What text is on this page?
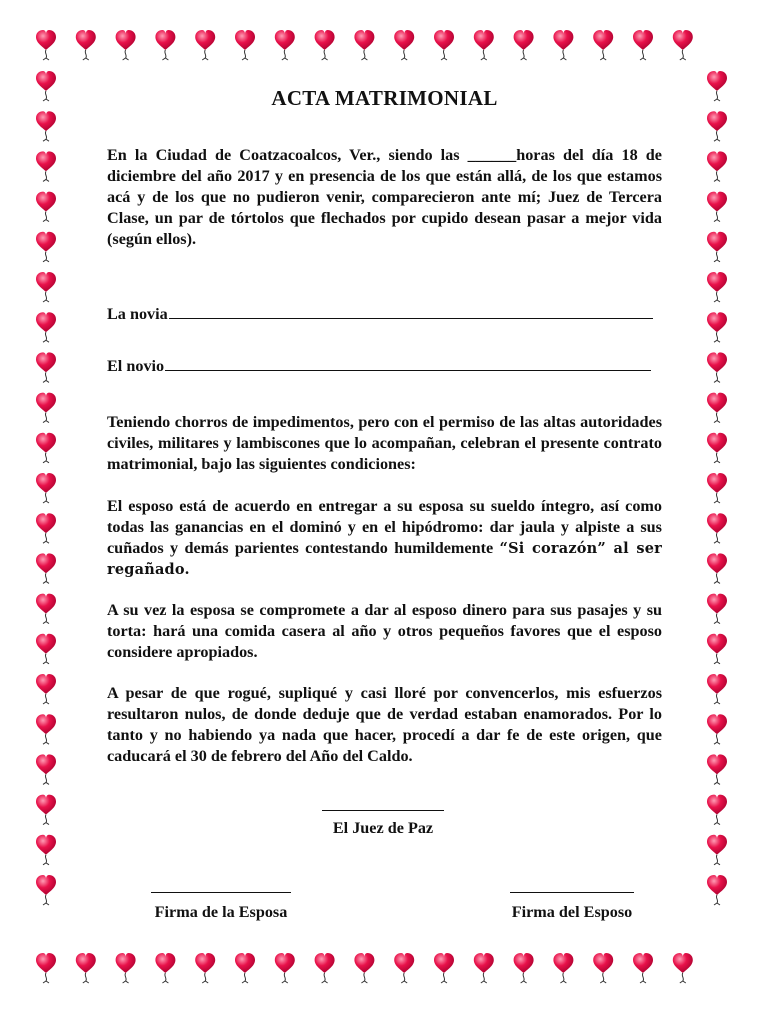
ACTA MATRIMONIAL

En la Ciudad de Coatzacoalcos, Ver., siendo las ______horas del día 18 de diciembre del año 2017 y en presencia de los que están allá, de los que estamos acá y de los que no pudieron venir, comparecieron ante mí; Juez de Tercera Clase, un par de tórtolos que flechados por cupido desean pasar a mejor vida (según ellos).

La novia
El novio

Teniendo chorros de impedimentos, pero con el permiso de las altas autoridades civiles, militares y lambiscones que lo acompañan, celebran el presente contrato matrimonial, bajo las siguientes condiciones:

El esposo está de acuerdo en entregar a su esposa su sueldo íntegro, así como todas las ganancias en el dominó y en el hipódromo: dar jaula y alpiste a sus cuñados y demás parientes contestando humildemente “Si corazón” al ser regañado.

A su vez la esposa se compromete a dar al esposo dinero para sus pasajes y su torta: hará una comida casera al año y otros pequeños favores que el esposo considere apropiados.

A pesar de que rogué, supliqué y casi lloré por convencerlos, mis esfuerzos resultaron nulos, de donde deduje que de verdad estaban enamorados. Por lo tanto y no habiendo ya nada que hacer, procedí a dar fe de este origen, que caducará el 30 de febrero del Año del Caldo.

El Juez de Paz
Firma de la Esposa	Firma del Esposo
